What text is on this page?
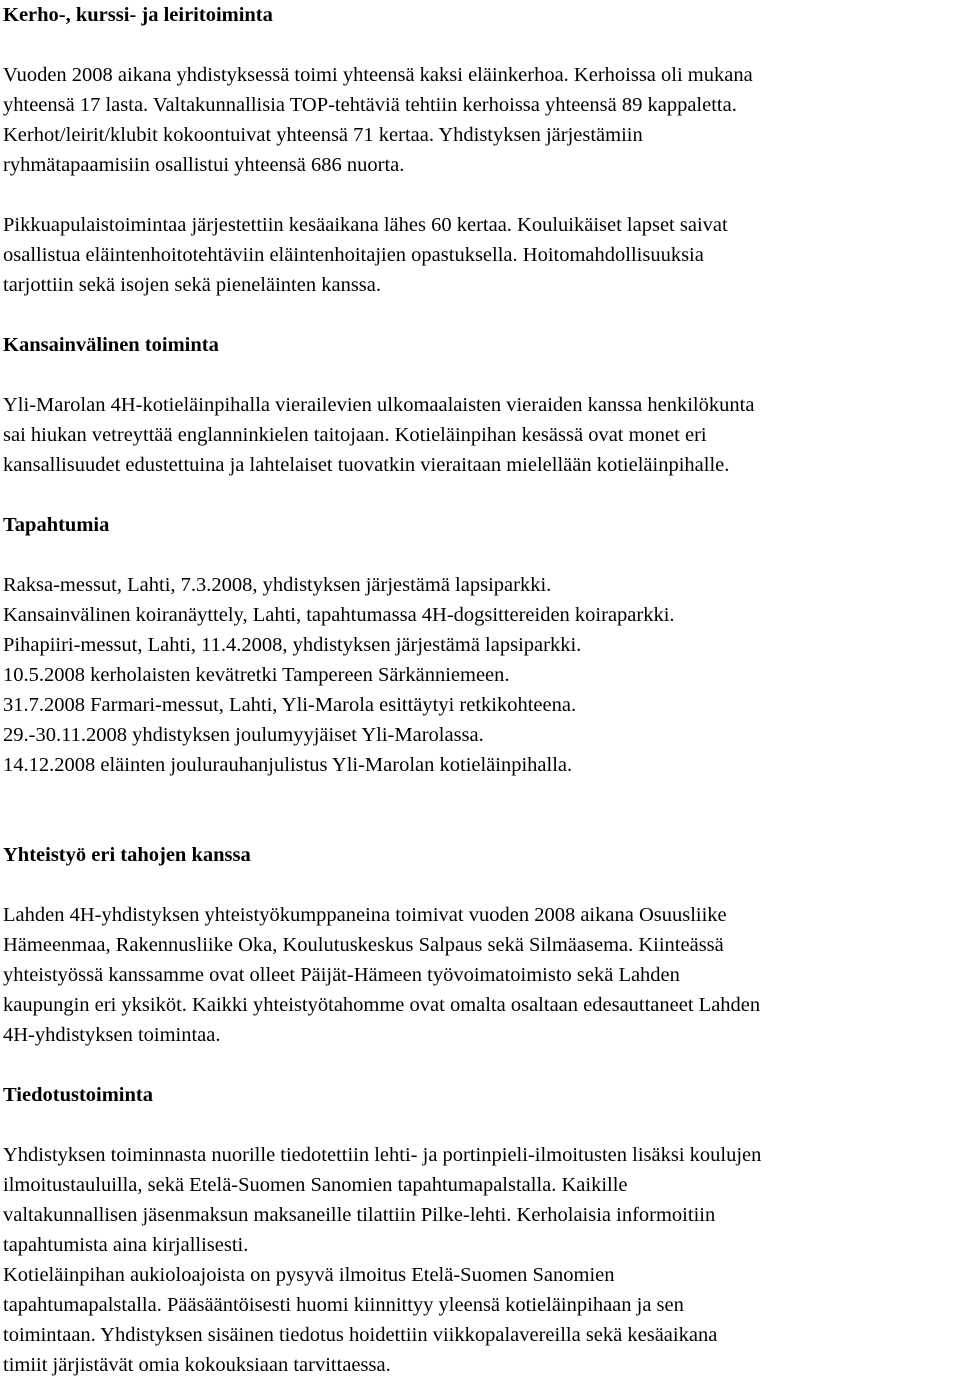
Kerho-, kurssi- ja leiritoiminta

Vuoden 2008 aikana yhdistyksessä toimi yhteensä kaksi eläinkerhoa. Kerhoissa oli mukana
yhteensä 17 lasta. Valtakunnallisia TOP-tehtäviä tehtiin kerhoissa yhteensä 89 kappaletta.
Kerhot/leirit/klubit kokoontuivat yhteensä 71 kertaa. Yhdistyksen järjestämiin
ryhmätapaamisiin osallistui yhteensä 686 nuorta.

Pikkuapulaistoimintaa järjestettiin kesäaikana lähes 60 kertaa. Kouluikäiset lapset saivat
osallistua eläintenhoitotehtäviin eläintenhoitajien opastuksella. Hoitomahdollisuuksia
tarjottiin sekä isojen sekä pieneläinten kanssa.

Kansainvälinen toiminta

Yli-Marolan 4H-kotieläinpihalla vierailevien ulkomaalaisten vieraiden kanssa henkilökunta
sai hiukan vetreyttää englanninkielen taitojaan. Kotieläinpihan kesässä ovat monet eri
kansallisuudet edustettuina ja lahtelaiset tuovatkin vieraitaan mielellään kotieläinpihalle.

Tapahtumia

Raksa-messut, Lahti, 7.3.2008, yhdistyksen järjestämä lapsiparkki.
Kansainvälinen koiranäyttely, Lahti, tapahtumassa 4H-dogsittereiden koiraparkki.
Pihapiiri-messut, Lahti, 11.4.2008, yhdistyksen järjestämä lapsiparkki.
10.5.2008 kerholaisten kevätretki Tampereen Särkänniemeen.
31.7.2008 Farmari-messut, Lahti, Yli-Marola esittäytyi retkikohteena.
29.-30.11.2008 yhdistyksen joulumyyjäiset Yli-Marolassa.
14.12.2008 eläinten joulurauhanjulistus Yli-Marolan kotieläinpihalla.

Yhteistyö eri tahojen kanssa

Lahden 4H-yhdistyksen yhteistyökumppaneina toimivat vuoden 2008 aikana Osuusliike
Hämeenmaa, Rakennusliike Oka, Koulutuskeskus Salpaus sekä Silmäasema. Kiinteässä
yhteistyössä kanssamme ovat olleet Päijät-Hämeen työvoimatoimisto sekä Lahden
kaupungin eri yksiköt. Kaikki yhteistyötahomme ovat omalta osaltaan edesauttaneet Lahden
4H-yhdistyksen toimintaa.

Tiedotustoiminta

Yhdistyksen toiminnasta nuorille tiedotettiin lehti- ja portinpieli-ilmoitusten lisäksi koulujen
ilmoitustauluilla, sekä Etelä-Suomen Sanomien tapahtumapalstalla. Kaikille
valtakunnallisen jäsenmaksun maksaneille tilattiin Pilke-lehti. Kerholaisia informoitiin
tapahtumista aina kirjallisesti.

Kotieläinpihan aukioloajoista on pysyvä ilmoitus Etelä-Suomen Sanomien
tapahtumapalstalla. Pääsääntöisesti huomi kiinnittyy yleensä kotieläinpihaan ja sen
toimintaan. Yhdistyksen sisäinen tiedotus hoidettiin viikkopalavereilla sekä kesäaikana
timiit järjistävät omia kokouksiaan tarvittaessa.
